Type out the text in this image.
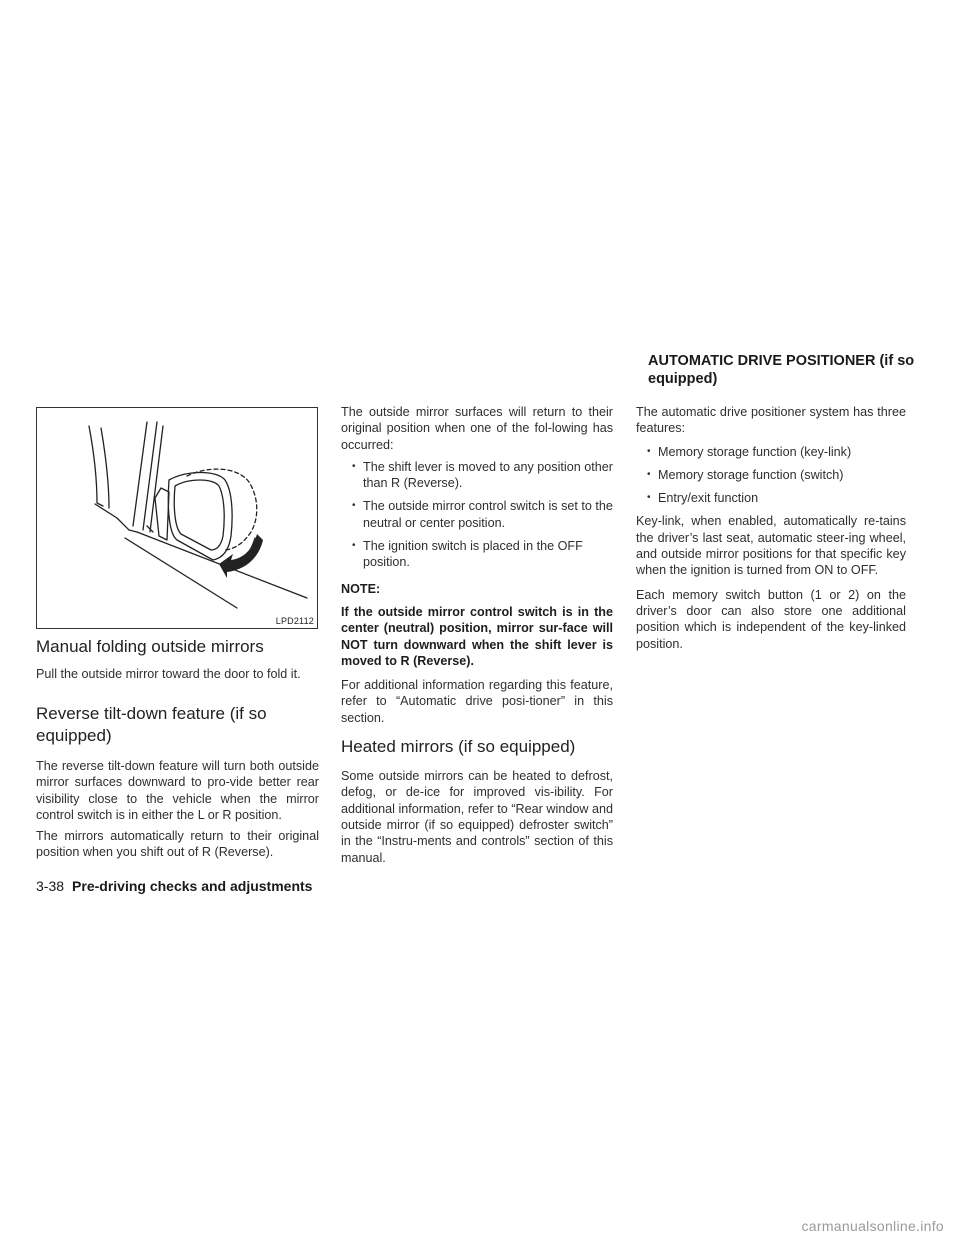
LPD2112
Manual folding outside mirrors

Pull the outside mirror toward the door to fold it.

Reverse tilt-down feature (if so equipped)

The reverse tilt-down feature will turn both outside mirror surfaces downward to pro-vide better rear visibility close to the vehicle when the mirror control switch is in either the L or R position.

The mirrors automatically return to their original position when you shift out of R (Reverse).

The outside mirror surfaces will return to their original position when one of the fol-lowing has occurred:

• The shift lever is moved to any position other than R (Reverse).
• The outside mirror control switch is set to the neutral or center position.
• The ignition switch is placed in the OFF position.

NOTE:

If the outside mirror control switch is in the center (neutral) position, mirror sur-face will NOT turn downward when the shift lever is moved to R (Reverse).

For additional information regarding this feature, refer to “Automatic drive posi-tioner” in this section.

Heated mirrors (if so equipped)

Some outside mirrors can be heated to defrost, defog, or de-ice for improved vis-ibility. For additional information, refer to “Rear window and outside mirror (if so equipped) defroster switch” in the “Instru-ments and controls” section of this manual.

AUTOMATIC DRIVE POSITIONER (if so equipped)

The automatic drive positioner system has three features:

• Memory storage function (key-link)
• Memory storage function (switch)
• Entry/exit function

Key-link, when enabled, automatically re-tains the driver’s last seat, automatic steer-ing wheel, and outside mirror positions for that specific key when the ignition is turned from ON to OFF.

Each memory switch button (1 or 2) on the driver’s door can also store one additional position which is independent of the key-linked position.

3-38 Pre-driving checks and adjustments
carmanualsonline.info
